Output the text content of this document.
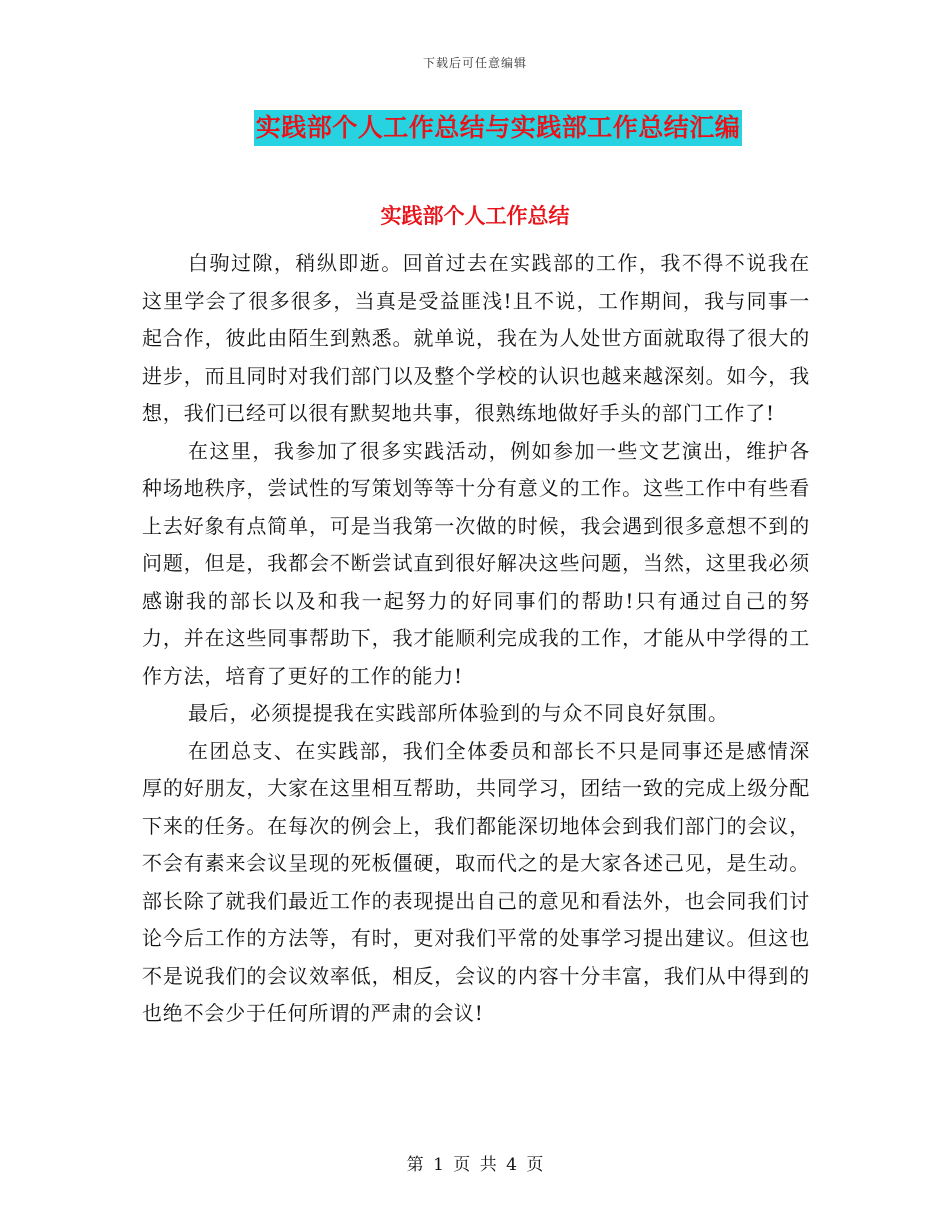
下载后可任意编辑
实践部个人工作总结与实践部工作总结汇编
实践部个人工作总结

白驹过隙，稍纵即逝。回首过去在实践部的工作，我不得不说我在这里学会了很多很多，当真是受益匪浅!且不说，工作期间，我与同事一起合作，彼此由陌生到熟悉。就单说，我在为人处世方面就取得了很大的进步，而且同时对我们部门以及整个学校的认识也越来越深刻。如今，我想，我们已经可以很有默契地共事，很熟练地做好手头的部门工作了!

在这里，我参加了很多实践活动，例如参加一些文艺演出，维护各种场地秩序，尝试性的写策划等等十分有意义的工作。这些工作中有些看上去好象有点简单，可是当我第一次做的时候，我会遇到很多意想不到的问题，但是，我都会不断尝试直到很好解决这些问题，当然，这里我必须感谢我的部长以及和我一起努力的好同事们的帮助!只有通过自己的努力，并在这些同事帮助下，我才能顺利完成我的工作，才能从中学得的工作方法，培育了更好的工作的能力!

最后，必须提提我在实践部所体验到的与众不同良好氛围。

在团总支、在实践部，我们全体委员和部长不只是同事还是感情深厚的好朋友，大家在这里相互帮助，共同学习，团结一致的完成上级分配下来的任务。在每次的例会上，我们都能深切地体会到我们部门的会议，不会有素来会议呈现的死板僵硬，取而代之的是大家各述己见，是生动。部长除了就我们最近工作的表现提出自己的意见和看法外，也会同我们讨论今后工作的方法等，有时，更对我们平常的处事学习提出建议。但这也不是说我们的会议效率低，相反，会议的内容十分丰富，我们从中得到的也绝不会少于任何所谓的严肃的会议!

第 1 页 共 4 页
